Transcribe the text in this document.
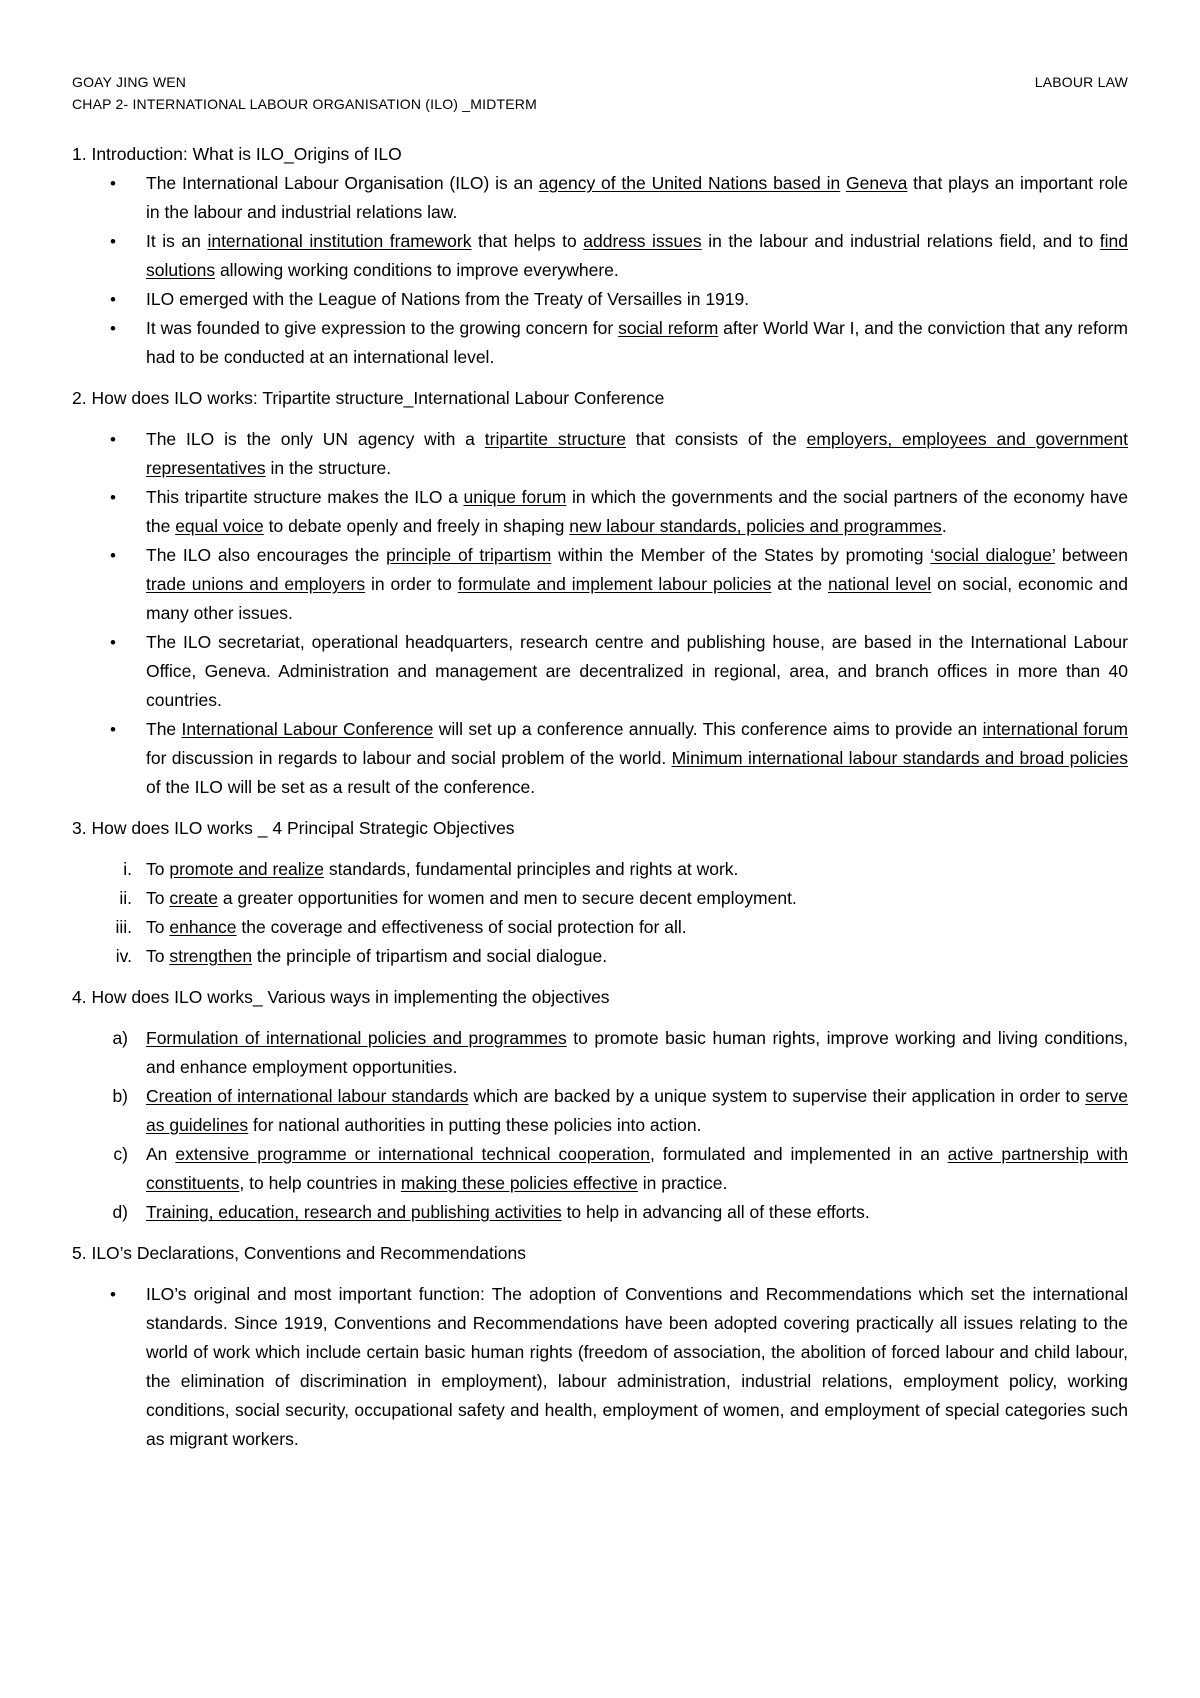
GOAY JING WEN	LABOUR LAW
CHAP 2- INTERNATIONAL LABOUR ORGANISATION (ILO) _MIDTERM

1. Introduction: What is ILO_Origins of ILO

• The International Labour Organisation (ILO) is an agency of the United Nations based in Geneva that plays an important role in the labour and industrial relations law.
• It is an international institution framework that helps to address issues in the labour and industrial relations field, and to find solutions allowing working conditions to improve everywhere.
• ILO emerged with the League of Nations from the Treaty of Versailles in 1919.
• It was founded to give expression to the growing concern for social reform after World War I, and the conviction that any reform had to be conducted at an international level.

2. How does ILO works: Tripartite structure_International Labour Conference

• The ILO is the only UN agency with a tripartite structure that consists of the employers, employees and government representatives in the structure.
• This tripartite structure makes the ILO a unique forum in which the governments and the social partners of the economy have the equal voice to debate openly and freely in shaping new labour standards, policies and programmes.
• The ILO also encourages the principle of tripartism within the Member of the States by promoting ‘social dialogue’ between trade unions and employers in order to formulate and implement labour policies at the national level on social, economic and many other issues.
• The ILO secretariat, operational headquarters, research centre and publishing house, are based in the International Labour Office, Geneva. Administration and management are decentralized in regional, area, and branch offices in more than 40 countries.
• The International Labour Conference will set up a conference annually. This conference aims to provide an international forum for discussion in regards to labour and social problem of the world. Minimum international labour standards and broad policies of the ILO will be set as a result of the conference.

3. How does ILO works _ 4 Principal Strategic Objectives

i. To promote and realize standards, fundamental principles and rights at work.
ii. To create a greater opportunities for women and men to secure decent employment.
iii. To enhance the coverage and effectiveness of social protection for all.
iv. To strengthen the principle of tripartism and social dialogue.

4. How does ILO works_ Various ways in implementing the objectives

a) Formulation of international policies and programmes to promote basic human rights, improve working and living conditions, and enhance employment opportunities.
b) Creation of international labour standards which are backed by a unique system to supervise their application in order to serve as guidelines for national authorities in putting these policies into action.
c) An extensive programme or international technical cooperation, formulated and implemented in an active partnership with constituents, to help countries in making these policies effective in practice.
d) Training, education, research and publishing activities to help in advancing all of these efforts.

5. ILO’s Declarations, Conventions and Recommendations

• ILO’s original and most important function: The adoption of Conventions and Recommendations which set the international standards. Since 1919, Conventions and Recommendations have been adopted covering practically all issues relating to the world of work which include certain basic human rights (freedom of association, the abolition of forced labour and child labour, the elimination of discrimination in employment), labour administration, industrial relations, employment policy, working conditions, social security, occupational safety and health, employment of women, and employment of special categories such as migrant workers.
